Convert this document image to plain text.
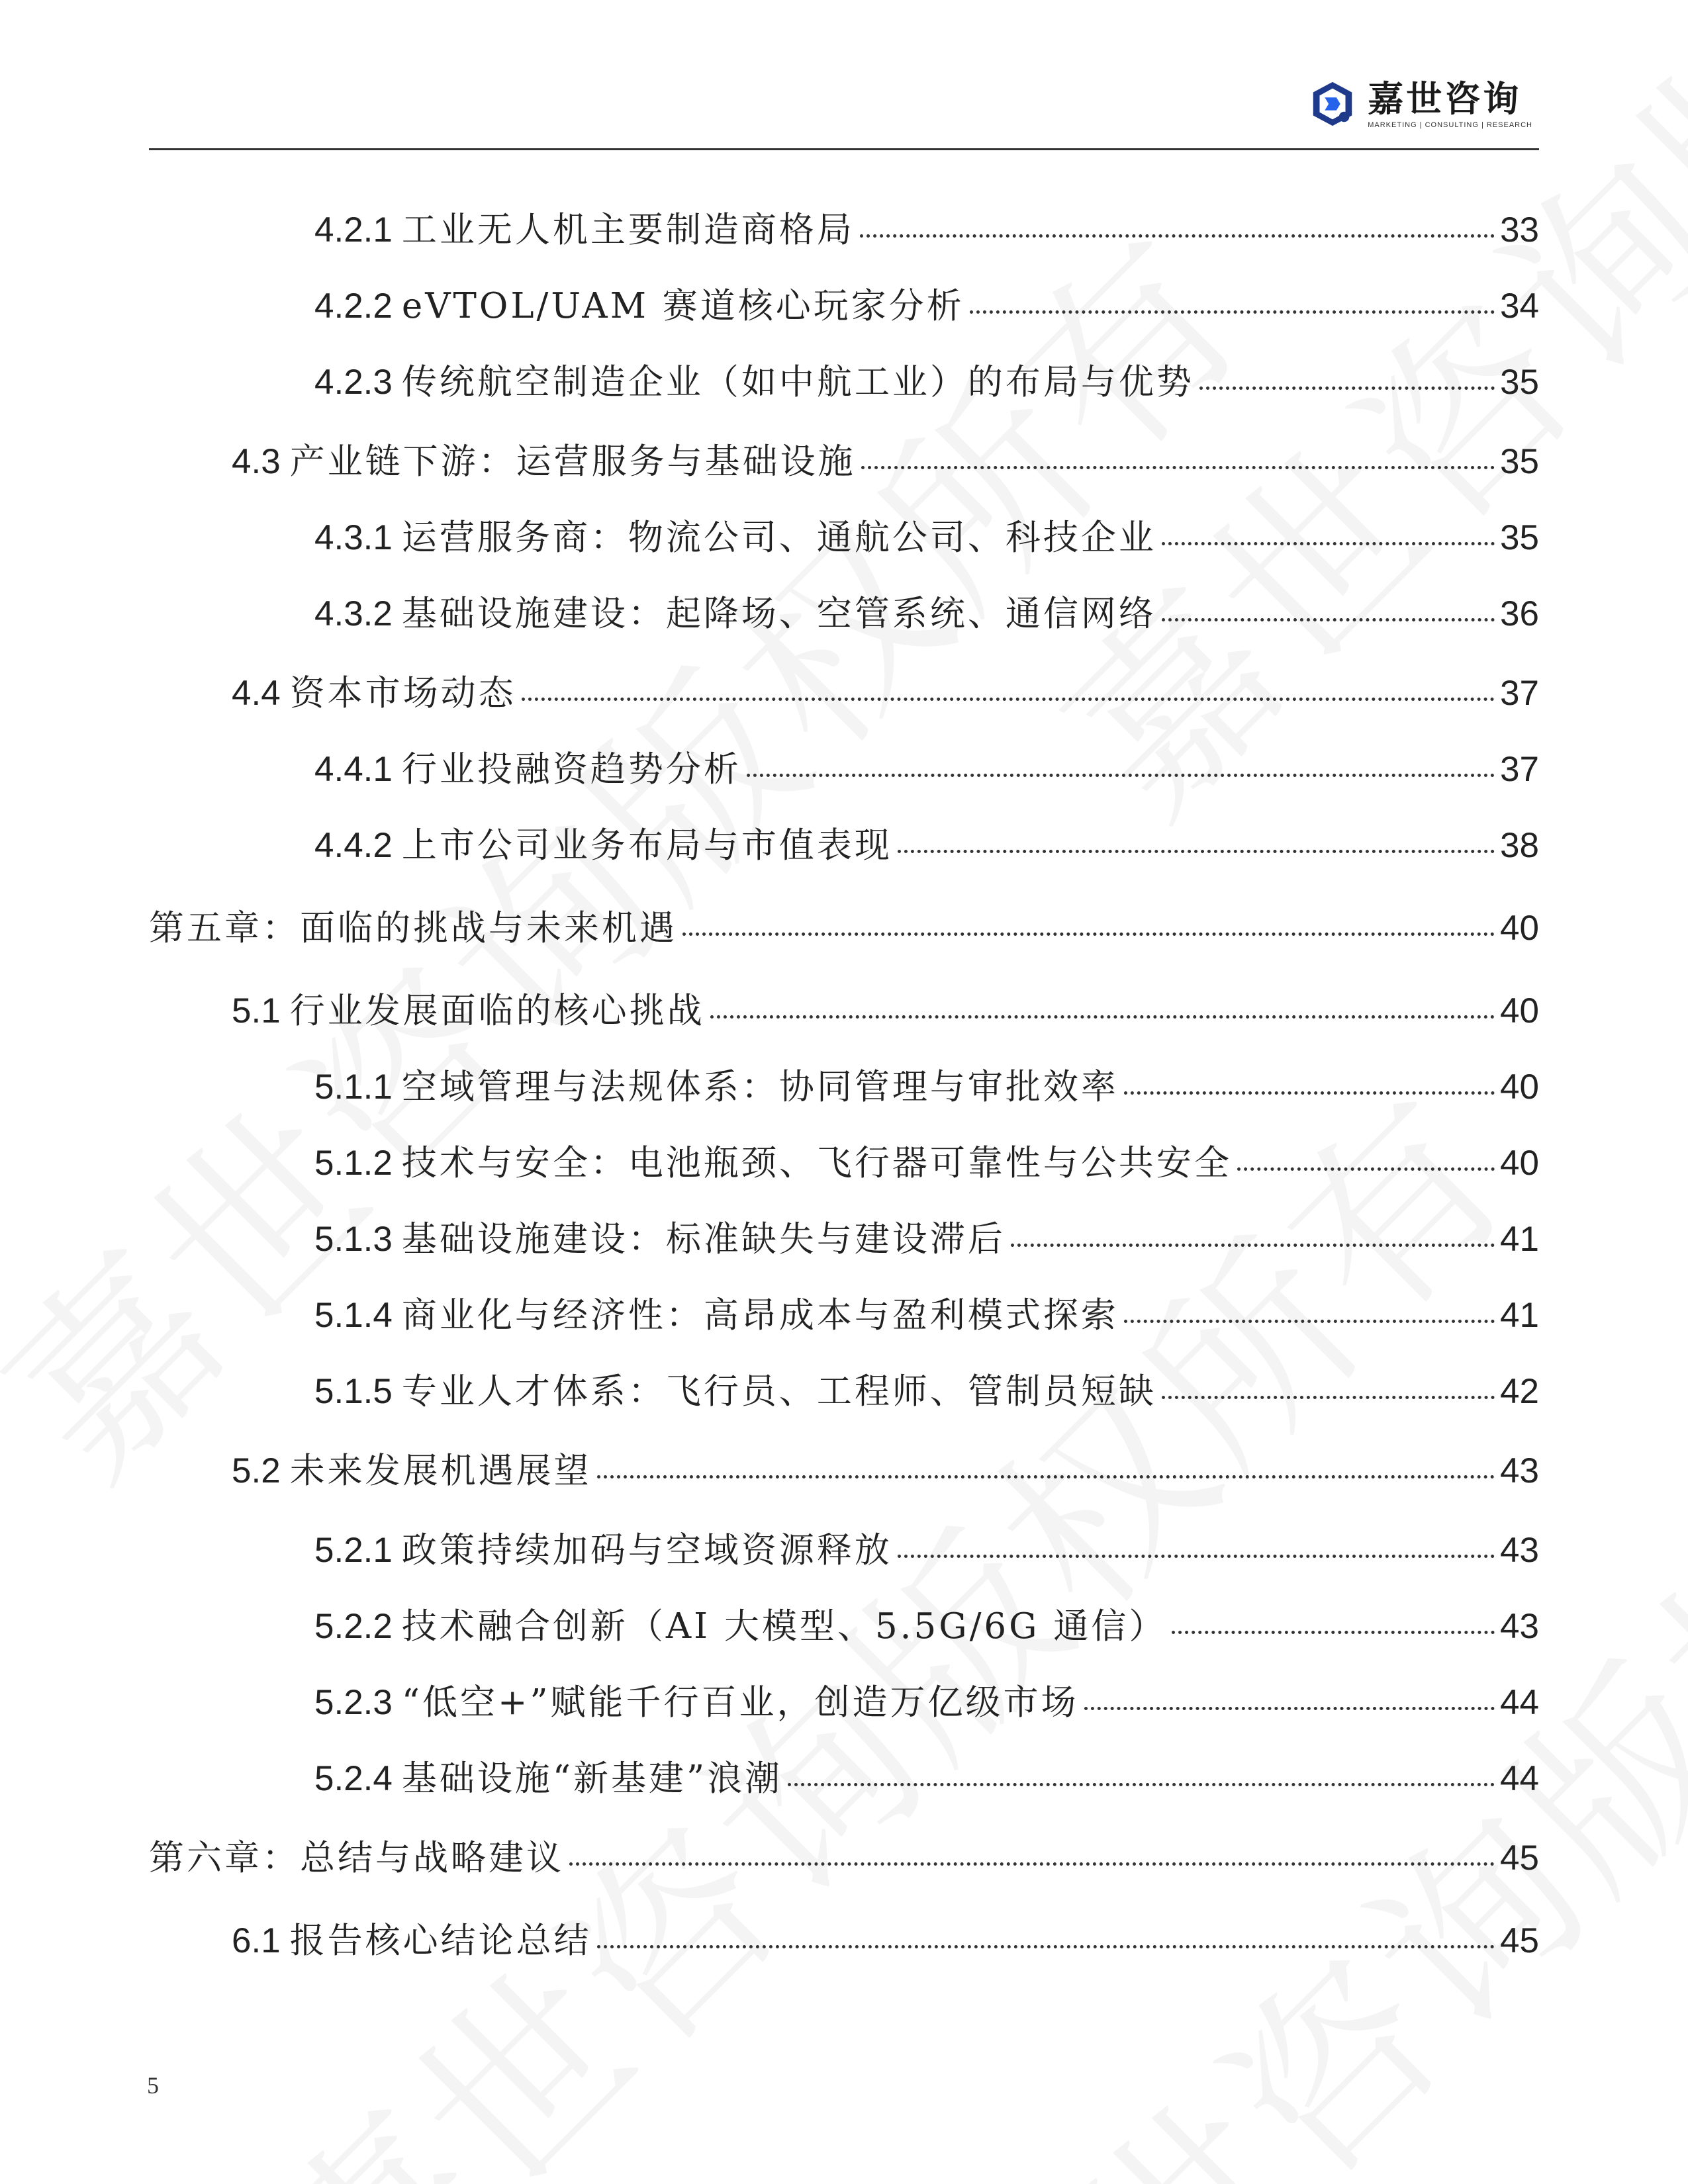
嘉世咨询
MARKETING | CONSULTING | RESEARCH
4.2.1 工业无人机主要制造商格局	33
4.2.2 eVTOL/UAM 赛道核心玩家分析	34
4.2.3 传统航空制造企业（如中航工业）的布局与优势	35
4.3 产业链下游：运营服务与基础设施	35
4.3.1 运营服务商：物流公司、通航公司、科技企业	35
4.3.2 基础设施建设：起降场、空管系统、通信网络	36
4.4 资本市场动态	37
4.4.1 行业投融资趋势分析	37
4.4.2 上市公司业务布局与市值表现	38
第五章：面临的挑战与未来机遇	40
5.1 行业发展面临的核心挑战	40
5.1.1 空域管理与法规体系：协同管理与审批效率	40
5.1.2 技术与安全：电池瓶颈、飞行器可靠性与公共安全	40
5.1.3 基础设施建设：标准缺失与建设滞后	41
5.1.4 商业化与经济性：高昂成本与盈利模式探索	41
5.1.5 专业人才体系：飞行员、工程师、管制员短缺	42
5.2 未来发展机遇展望	43
5.2.1 政策持续加码与空域资源释放	43
5.2.2 技术融合创新（AI 大模型、5.5G/6G 通信）	43
5.2.3 “低空+”赋能千行百业，创造万亿级市场	44
5.2.4 基础设施“新基建”浪潮	44
第六章：总结与战略建议	45
6.1 报告核心结论总结	45
5
